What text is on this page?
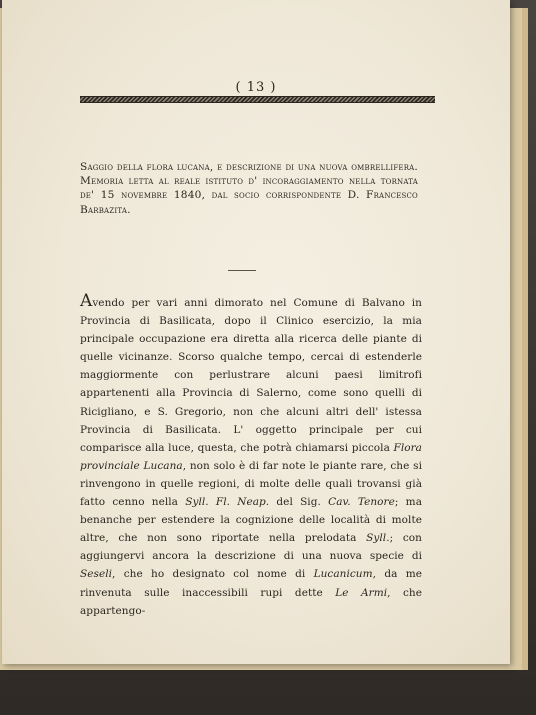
( 13 )

Saggio della flora lucana, e descrizione di una nuova ombrellifera. Memoria letta al reale istituto d' incoraggiamento nella tornata de' 15 novembre 1840, dal socio corrispondente D. Francesco Barbazita.

Avendo per vari anni dimorato nel Comune di Balvano in Provincia di Basilicata, dopo il Clinico esercizio, la mia principale occupazione era diretta alla ricerca delle piante di quelle vicinanze. Scorso qualche tempo, cercai di estenderle maggiormente con perlustrare alcuni paesi limitrofi appartenenti alla Provincia di Salerno, come sono quelli di Ricigliano, e S. Gregorio, non che alcuni altri dell' istessa Provincia di Basilicata. L' oggetto principale per cui comparisce alla luce, questa, che potrà chiamarsi piccola Flora provinciale Lucana, non solo è di far note le piante rare, che si rinvengono in quelle regioni, di molte delle quali trovansi già fatto cenno nella Syll. Fl. Neap. del Sig. Cav. Tenore; ma benanche per estendere la cognizione delle località di molte altre, che non sono riportate nella prelodata Syll.; con aggiungervi ancora la descrizione di una nuova specie di Seseli, che ho designato col nome di Lucanicum, da me rinvenuta sulle inaccessibili rupi dette Le Armi, che appartengo-
